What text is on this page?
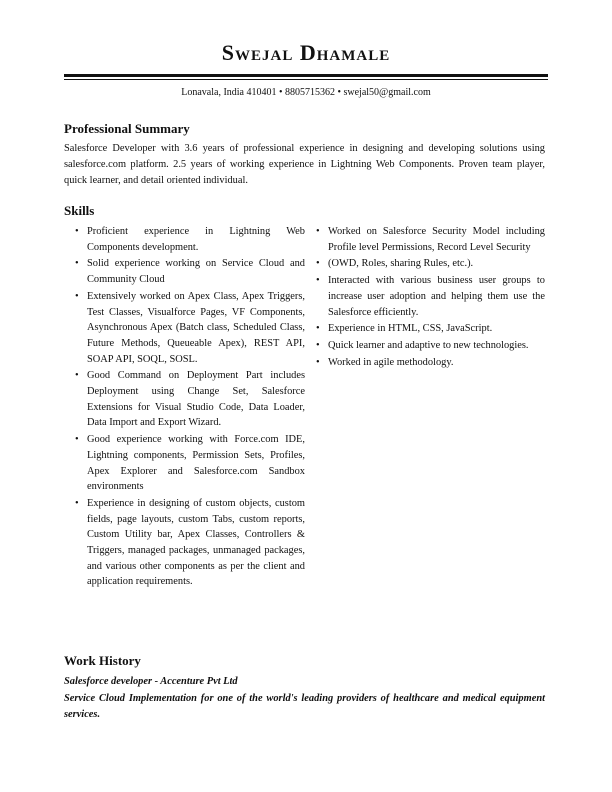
Swejal Dhamale
Lonavala, India 410401 • 8805715362 • swejal50@gmail.com
Professional Summary
Salesforce Developer with 3.6 years of professional experience in designing and developing solutions using salesforce.com platform. 2.5 years of working experience in Lightning Web Components. Proven team player, quick learner, and detail oriented individual.
Skills
• Proficient experience in Lightning Web Components development.
• Solid experience working on Service Cloud and Community Cloud
• Extensively worked on Apex Class, Apex Triggers, Test Classes, Visualforce Pages, VF Components, Asynchronous Apex (Batch class, Scheduled Class, Future Methods, Queueable Apex), REST API, SOAP API, SOQL, SOSL.
• Good Command on Deployment Part includes Deployment using Change Set, Salesforce Extensions for Visual Studio Code, Data Loader, Data Import and Export Wizard.
• Good experience working with Force.com IDE, Lightning components, Permission Sets, Profiles, Apex Explorer and Salesforce.com Sandbox environments
• Experience in designing of custom objects, custom fields, page layouts, custom Tabs, custom reports, Custom Utility bar, Apex Classes, Controllers & Triggers, managed packages, unmanaged packages, and various other components as per the client and application requirements.
• Worked on Salesforce Security Model including Profile level Permissions, Record Level Security
• (OWD, Roles, sharing Rules, etc.).
• Interacted with various business user groups to increase user adoption and helping them use the Salesforce efficiently.
• Experience in HTML, CSS, JavaScript.
• Quick learner and adaptive to new technologies.
• Worked in agile methodology.
Work History
Salesforce developer - Accenture Pvt Ltd
Service Cloud Implementation for one of the world's leading providers of healthcare and medical equipment services.
